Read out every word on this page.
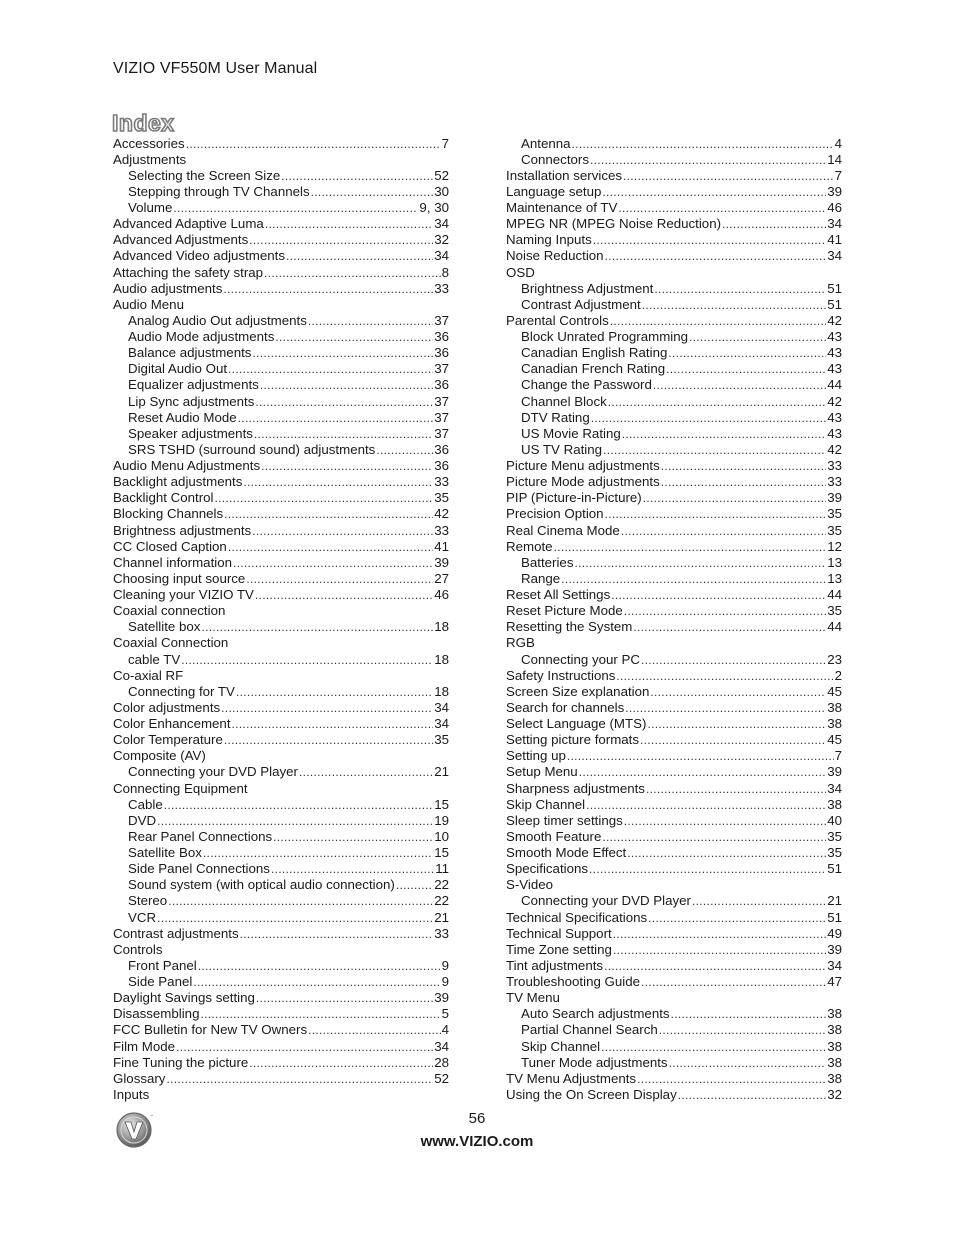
VIZIO VF550M User Manual
Index
Accessories .....	7
Adjustments
Selecting the Screen Size .....	52
Stepping through TV Channels .....	30
Volume .....	9, 30
Advanced Adaptive Luma .....	34
Advanced Adjustments .....	32
Advanced Video adjustments .....	34
Attaching the safety strap .....	8
Audio adjustments .....	33
Audio Menu
Analog Audio Out adjustments .....	37
Audio Mode adjustments .....	36
Balance adjustments .....	36
Digital Audio Out .....	37
Equalizer adjustments .....	36
Lip Sync adjustments .....	37
Reset Audio Mode .....	37
Speaker adjustments .....	37
SRS TSHD (surround sound) adjustments .....	36
Audio Menu Adjustments .....	36
Backlight adjustments .....	33
Backlight Control .....	35
Blocking Channels .....	42
Brightness adjustments .....	33
CC Closed Caption .....	41
Channel information .....	39
Choosing input source .....	27
Cleaning your VIZIO TV .....	46
Coaxial connection
Satellite box .....	18
Coaxial Connection
cable TV .....	18
Co-axial RF
Connecting for TV .....	18
Color adjustments .....	34
Color Enhancement .....	34
Color Temperature .....	35
Composite (AV)
Connecting your DVD Player .....	21
Connecting Equipment
Cable .....	15
DVD .....	19
Rear Panel Connections .....	10
Satellite Box .....	15
Side Panel Connections .....	11
Sound system (with optical audio connection) .....	22
Stereo .....	22
VCR .....	21
Contrast adjustments .....	33
Controls
Front Panel .....	9
Side Panel .....	9
Daylight Savings setting .....	39
Disassembling .....	5
FCC Bulletin for New TV Owners .....	4
Film Mode .....	34
Fine Tuning the picture .....	28
Glossary .....	52
Inputs
Antenna .....	4
Connectors .....	14
Installation services .....	7
Language setup .....	39
Maintenance of TV .....	46
MPEG NR (MPEG Noise Reduction) .....	34
Naming Inputs .....	41
Noise Reduction .....	34
OSD
Brightness Adjustment .....	51
Contrast Adjustment .....	51
Parental Controls .....	42
Block Unrated Programming .....	43
Canadian English Rating .....	43
Canadian French Rating .....	43
Change the Password .....	44
Channel Block .....	42
DTV Rating .....	43
US Movie Rating .....	43
US TV Rating .....	42
Picture Menu adjustments .....	33
Picture Mode adjustments .....	33
PIP (Picture-in-Picture) .....	39
Precision Option .....	35
Real Cinema Mode .....	35
Remote .....	12
Batteries .....	13
Range .....	13
Reset All Settings .....	44
Reset Picture Mode .....	35
Resetting the System .....	44
RGB
Connecting your PC .....	23
Safety Instructions .....	2
Screen Size explanation .....	45
Search for channels .....	38
Select Language (MTS) .....	38
Setting picture formats .....	45
Setting up .....	7
Setup Menu .....	39
Sharpness adjustments .....	34
Skip Channel .....	38
Sleep timer settings .....	40
Smooth Feature .....	35
Smooth Mode Effect .....	35
Specifications .....	51
S-Video
Connecting your DVD Player .....	21
Technical Specifications .....	51
Technical Support .....	49
Time Zone setting .....	39
Tint adjustments .....	34
Troubleshooting Guide .....	47
TV Menu
Auto Search adjustments .....	38
Partial Channel Search .....	38
Skip Channel .....	38
Tuner Mode adjustments .....	38
TV Menu Adjustments .....	38
Using the On Screen Display .....	32
™	56
www.VIZIO.com
